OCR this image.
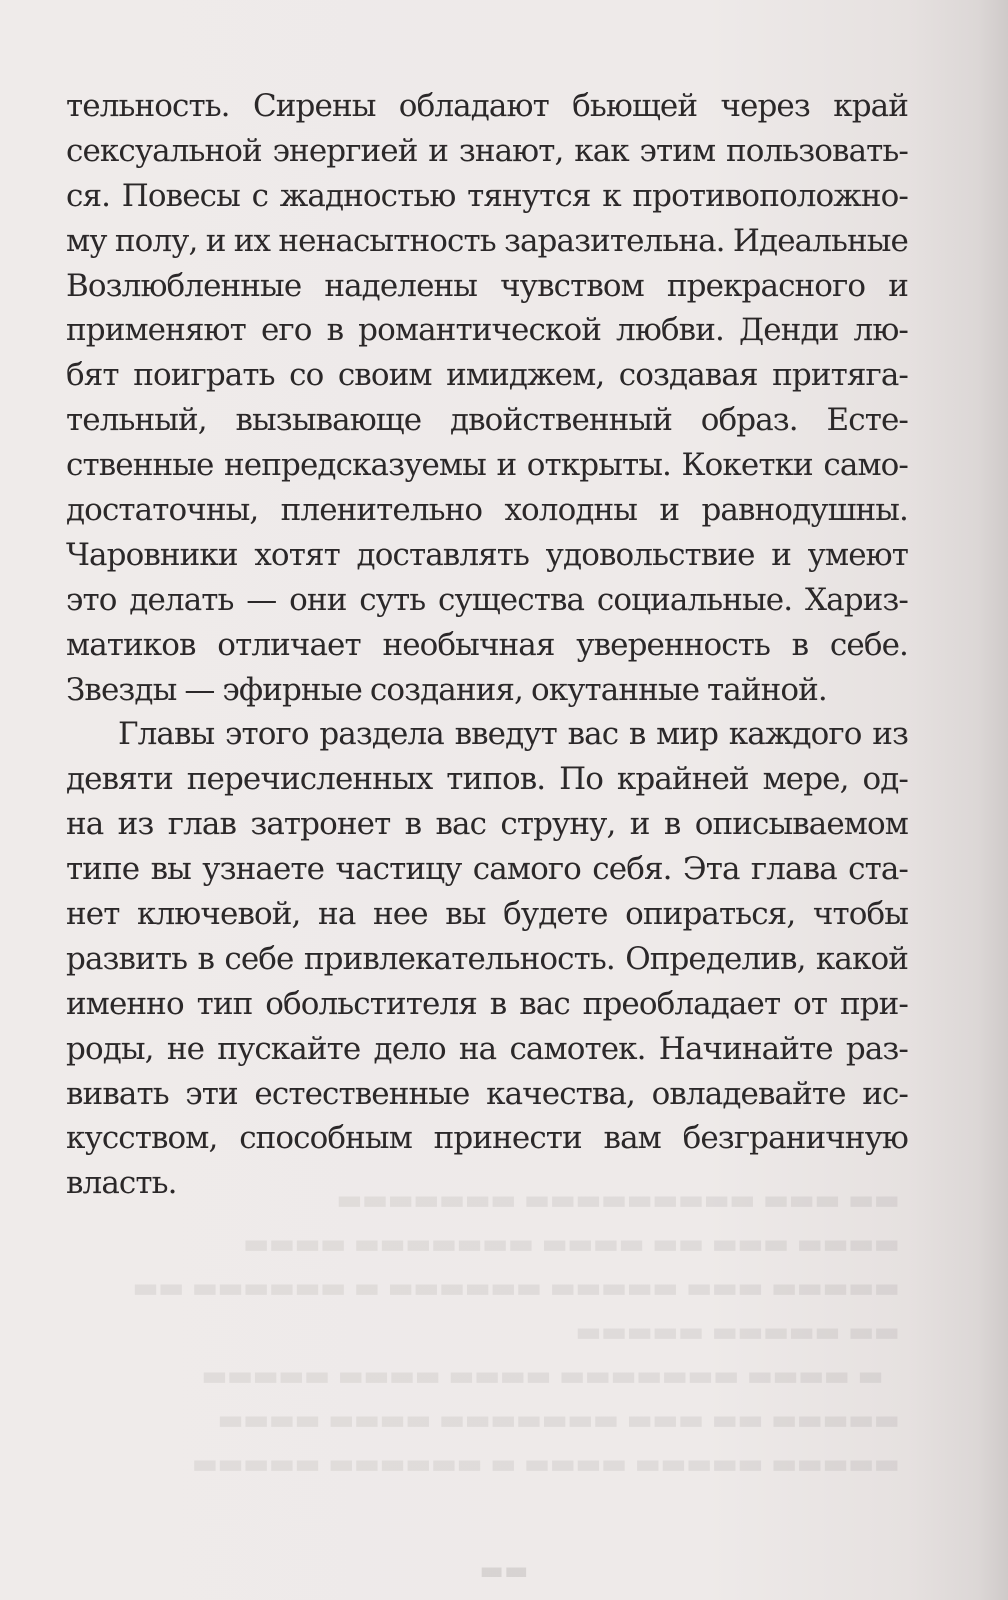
▬▬ ▬▬▬ ▬▬▬▬▬▬▬▬▬ ▬▬▬▬▬▬▬
▬▬▬▬ ▬▬▬ ▬▬ ▬▬▬▬ ▬▬▬▬▬▬▬ ▬▬▬▬
▬▬▬▬▬ ▬▬▬ ▬▬▬▬▬ ▬▬▬▬▬▬ ▬ ▬▬▬▬▬▬ ▬▬
▬▬ ▬▬▬▬▬ ▬▬▬▬▬
▬ ▬▬▬▬ ▬▬▬▬▬▬▬ ▬▬▬▬ ▬▬▬▬ ▬▬▬▬▬
▬▬▬▬▬ ▬▬ ▬▬▬ ▬▬▬▬▬▬▬ ▬▬▬▬ ▬▬▬▬
▬▬▬▬▬ ▬▬▬▬▬ ▬▬▬▬ ▬ ▬▬▬▬▬▬ ▬▬▬▬▬
тельность. Сирены обладают бьющей через край
сексуальной энергией и знают, как этим пользовать-
ся. Повесы с жадностью тянутся к противоположно-
му полу, и их ненасытность заразительна. Идеальные
Возлюбленные наделены чувством прекрасного и
применяют его в романтической любви. Денди лю-
бят поиграть со своим имиджем, создавая притяга-
тельный, вызывающе двойственный образ. Есте-
ственные непредсказуемы и открыты. Кокетки само-
достаточны, пленительно холодны и равнодушны.
Чаровники хотят доставлять удовольствие и умеют
это делать — они суть существа социальные. Хариз-
матиков отличает необычная уверенность в себе.
Звезды — эфирные создания, окутанные тайной.
Главы этого раздела введут вас в мир каждого из
девяти перечисленных типов. По крайней мере, од-
на из глав затронет в вас струну, и в описываемом
типе вы узнаете частицу самого себя. Эта глава ста-
нет ключевой, на нее вы будете опираться, чтобы
развить в себе привлекательность. Определив, какой
именно тип обольстителя в вас преобладает от при-
роды, не пускайте дело на самотек. Начинайте раз-
вивать эти естественные качества, овладевайте ис-
кусством, способным принести вам безграничную
власть.
▬▬
